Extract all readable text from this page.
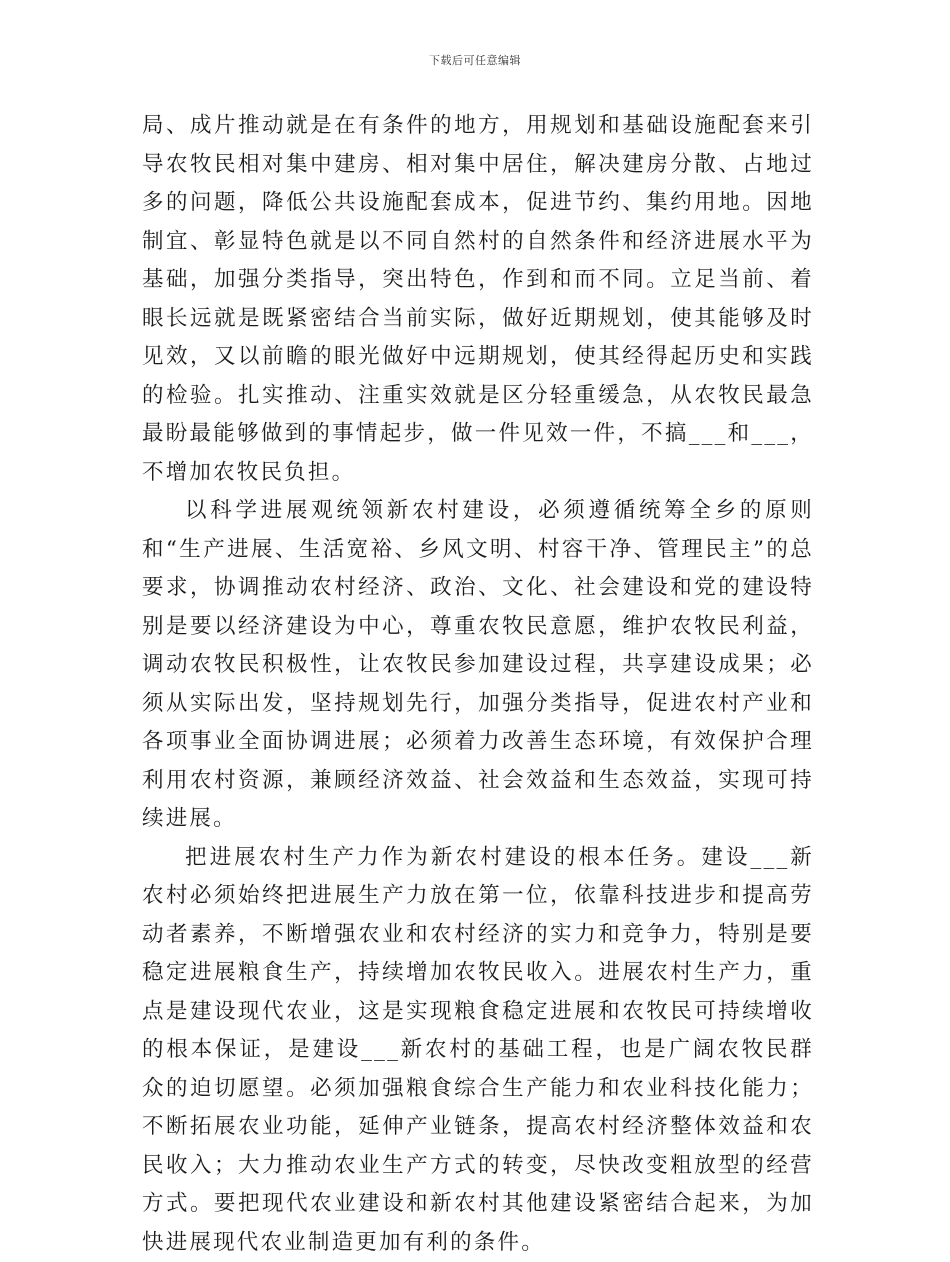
下载后可任意编辑

局、成片推动就是在有条件的地方，用规划和基础设施配套来引导农牧民相对集中建房、相对集中居住，解决建房分散、占地过多的问题，降低公共设施配套成本，促进节约、集约用地。因地制宜、彰显特色就是以不同自然村的自然条件和经济进展水平为基础，加强分类指导，突出特色，作到和而不同。立足当前、着眼长远就是既紧密结合当前实际，做好近期规划，使其能够及时见效，又以前瞻的眼光做好中远期规划，使其经得起历史和实践的检验。扎实推动、注重实效就是区分轻重缓急，从农牧民最急最盼最能够做到的事情起步，做一件见效一件，不搞___和___，不增加农牧民负担。

以科学进展观统领新农村建设，必须遵循统筹全乡的原则和“生产进展、生活宽裕、乡风文明、村容干净、管理民主”的总要求，协调推动农村经济、政治、文化、社会建设和党的建设特别是要以经济建设为中心，尊重农牧民意愿，维护农牧民利益，调动农牧民积极性，让农牧民参加建设过程，共享建设成果；必须从实际出发，坚持规划先行，加强分类指导，促进农村产业和各项事业全面协调进展；必须着力改善生态环境，有效保护合理利用农村资源，兼顾经济效益、社会效益和生态效益，实现可持续进展。

把进展农村生产力作为新农村建设的根本任务。建设___新农村必须始终把进展生产力放在第一位，依靠科技进步和提高劳动者素养，不断增强农业和农村经济的实力和竞争力，特别是要稳定进展粮食生产，持续增加农牧民收入。进展农村生产力，重点是建设现代农业，这是实现粮食稳定进展和农牧民可持续增收的根本保证，是建设___新农村的基础工程，也是广阔农牧民群众的迫切愿望。必须加强粮食综合生产能力和农业科技化能力；不断拓展农业功能，延伸产业链条，提高农村经济整体效益和农民收入；大力推动农业生产方式的转变，尽快改变粗放型的经营方式。要把现代农业建设和新农村其他建设紧密结合起来，为加快进展现代农业制造更加有利的条件。
